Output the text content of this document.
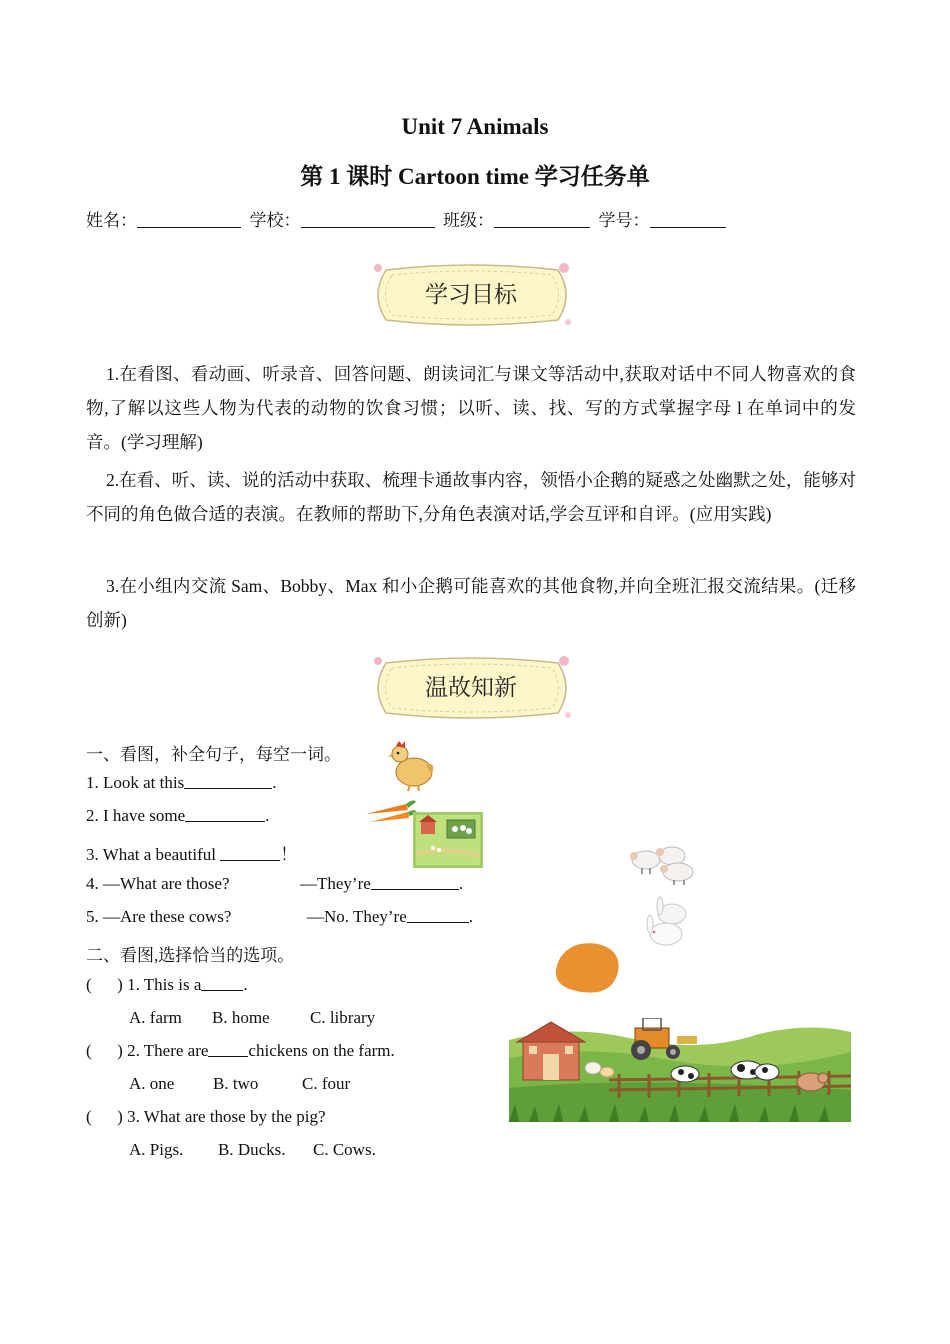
Unit 7 Animals
第 1 课时 Cartoon time 学习任务单
姓名：	学校：	班级：	学号：
学习目标
1.在看图、看动画、听录音、回答问题、朗读词汇与课文等活动中,获取对话中不同人物喜欢的食物,了解以这些人物为代表的动物的饮食习惯；以听、读、找、写的方式掌握字母 l 在单词中的发音。(学习理解)
2.在看、听、读、说的活动中获取、梳理卡通故事内容，领悟小企鹅的疑惑之处幽默之处，能够对不同的角色做合适的表演。在教师的帮助下,分角色表演对话,学会互评和自评。(应用实践)
3.在小组内交流 Sam、Bobby、Max 和小企鹅可能喜欢的其他食物,并向全班汇报交流结果。(迁移创新)
温故知新
一、看图，补全句子，每空一词。
1. Look at this	.
2. I have some	.
3. What a beautiful	！
4. —What are those?	—They’re	.
5. —Are these cows?	—No. They’re	.
二、看图,选择恰当的选项。
(      ) 1. This is a .
A. farm B. home C. library
(      ) 2. There are chickens on the farm.
A. one B. two	C. four
(      ) 3. What are those by the pig?
A. Pigs. B. Ducks. C. Cows.
